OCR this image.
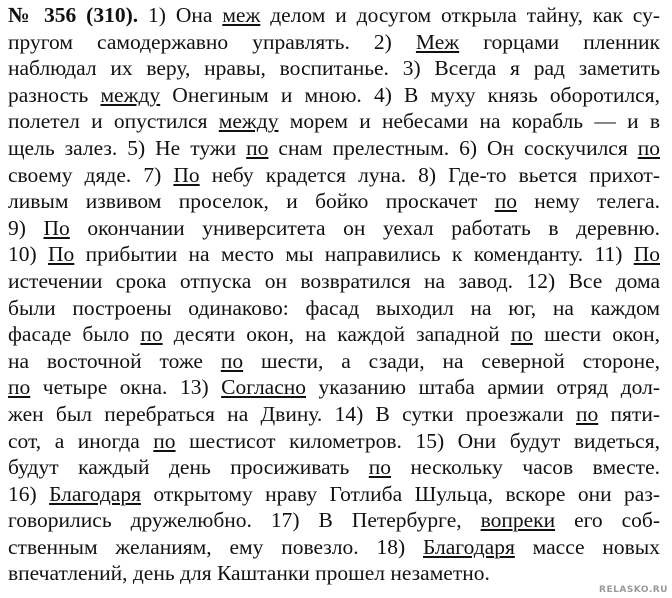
№ 356 (310). 1) Она меж делом и досугом открыла тайну, как су-
пругом самодержавно управлять. 2) Меж горцами пленник
наблюдал их веру, нравы, воспитанье. 3) Всегда я рад заметить
разность между Онегиным и мною. 4) В муху князь оборотился,
полетел и опустился между морем и небесами на корабль — и в
щель залез. 5) Не тужи по снам прелестным. 6) Он соскучился по
своему дяде. 7) По небу крадется луна. 8) Где-то вьется прихот-
ливым извивом проселок, и бойко проскачет по нему телега.
9) По окончании университета он уехал работать в деревню.
10) По прибытии на место мы направились к коменданту. 11) По
истечении срока отпуска он возвратился на завод. 12) Все дома
были построены одинаково: фасад выходил на юг, на каждом
фасаде было по десяти окон, на каждой западной по шести окон,
на восточной тоже по шести, а сзади, на северной стороне,
по четыре окна. 13) Согласно указанию штаба армии отряд дол-
жен был перебраться на Двину. 14) В сутки проезжали по пяти-
сот, а иногда по шестисот километров. 15) Они будут видеться,
будут каждый день просиживать по нескольку часов вместе.
16) Благодаря открытому нраву Готлиба Шульца, вскоре они раз-
говорились дружелюбно. 17) В Петербурге, вопреки его соб-
ственным желаниям, ему повезло. 18) Благодаря массе новых
впечатлений, день для Каштанки прошел незаметно.
RELASKO.RU
